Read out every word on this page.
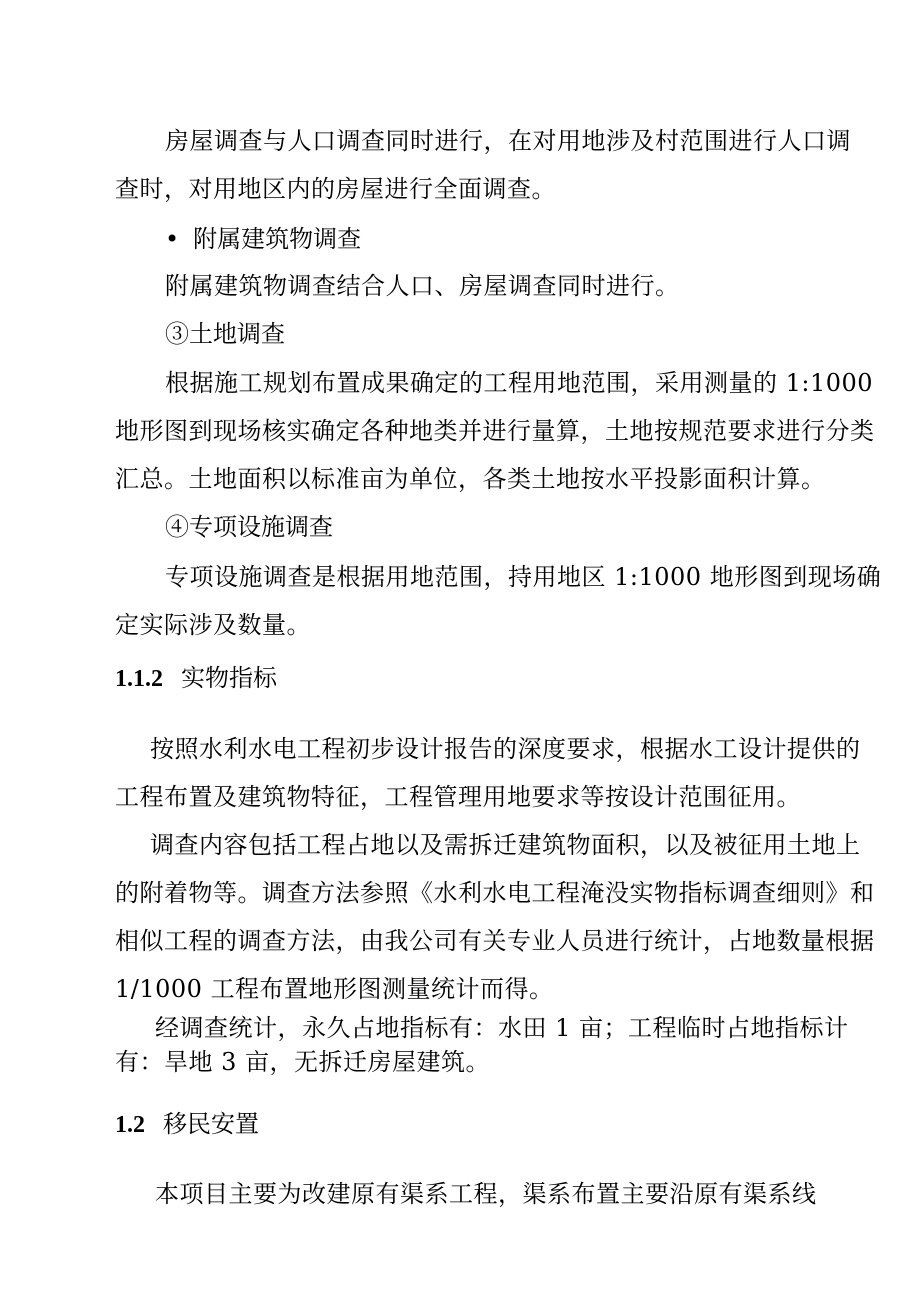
房屋调查与人口调查同时进行，在对用地涉及村范围进行人口调
查时，对用地区内的房屋进行全面调查。
• 附属建筑物调查
附属建筑物调查结合人口、房屋调查同时进行。
③土地调查
根据施工规划布置成果确定的工程用地范围，采用测量的 1:1000
地形图到现场核实确定各种地类并进行量算，土地按规范要求进行分类
汇总。土地面积以标准亩为单位，各类土地按水平投影面积计算。
④专项设施调查
专项设施调查是根据用地范围，持用地区 1:1000 地形图到现场确
定实际涉及数量。
1.1.2 实物指标
按照水利水电工程初步设计报告的深度要求，根据水工设计提供的
工程布置及建筑物特征，工程管理用地要求等按设计范围征用。
调查内容包括工程占地以及需拆迁建筑物面积，以及被征用土地上
的附着物等。调查方法参照《水利水电工程淹没实物指标调查细则》和
相似工程的调查方法，由我公司有关专业人员进行统计，占地数量根据
1/1000 工程布置地形图测量统计而得。
经调查统计，永久占地指标有：水田 1 亩；工程临时占地指标计
有：旱地 3 亩，无拆迁房屋建筑。
1.2 移民安置
本项目主要为改建原有渠系工程，渠系布置主要沿原有渠系线
